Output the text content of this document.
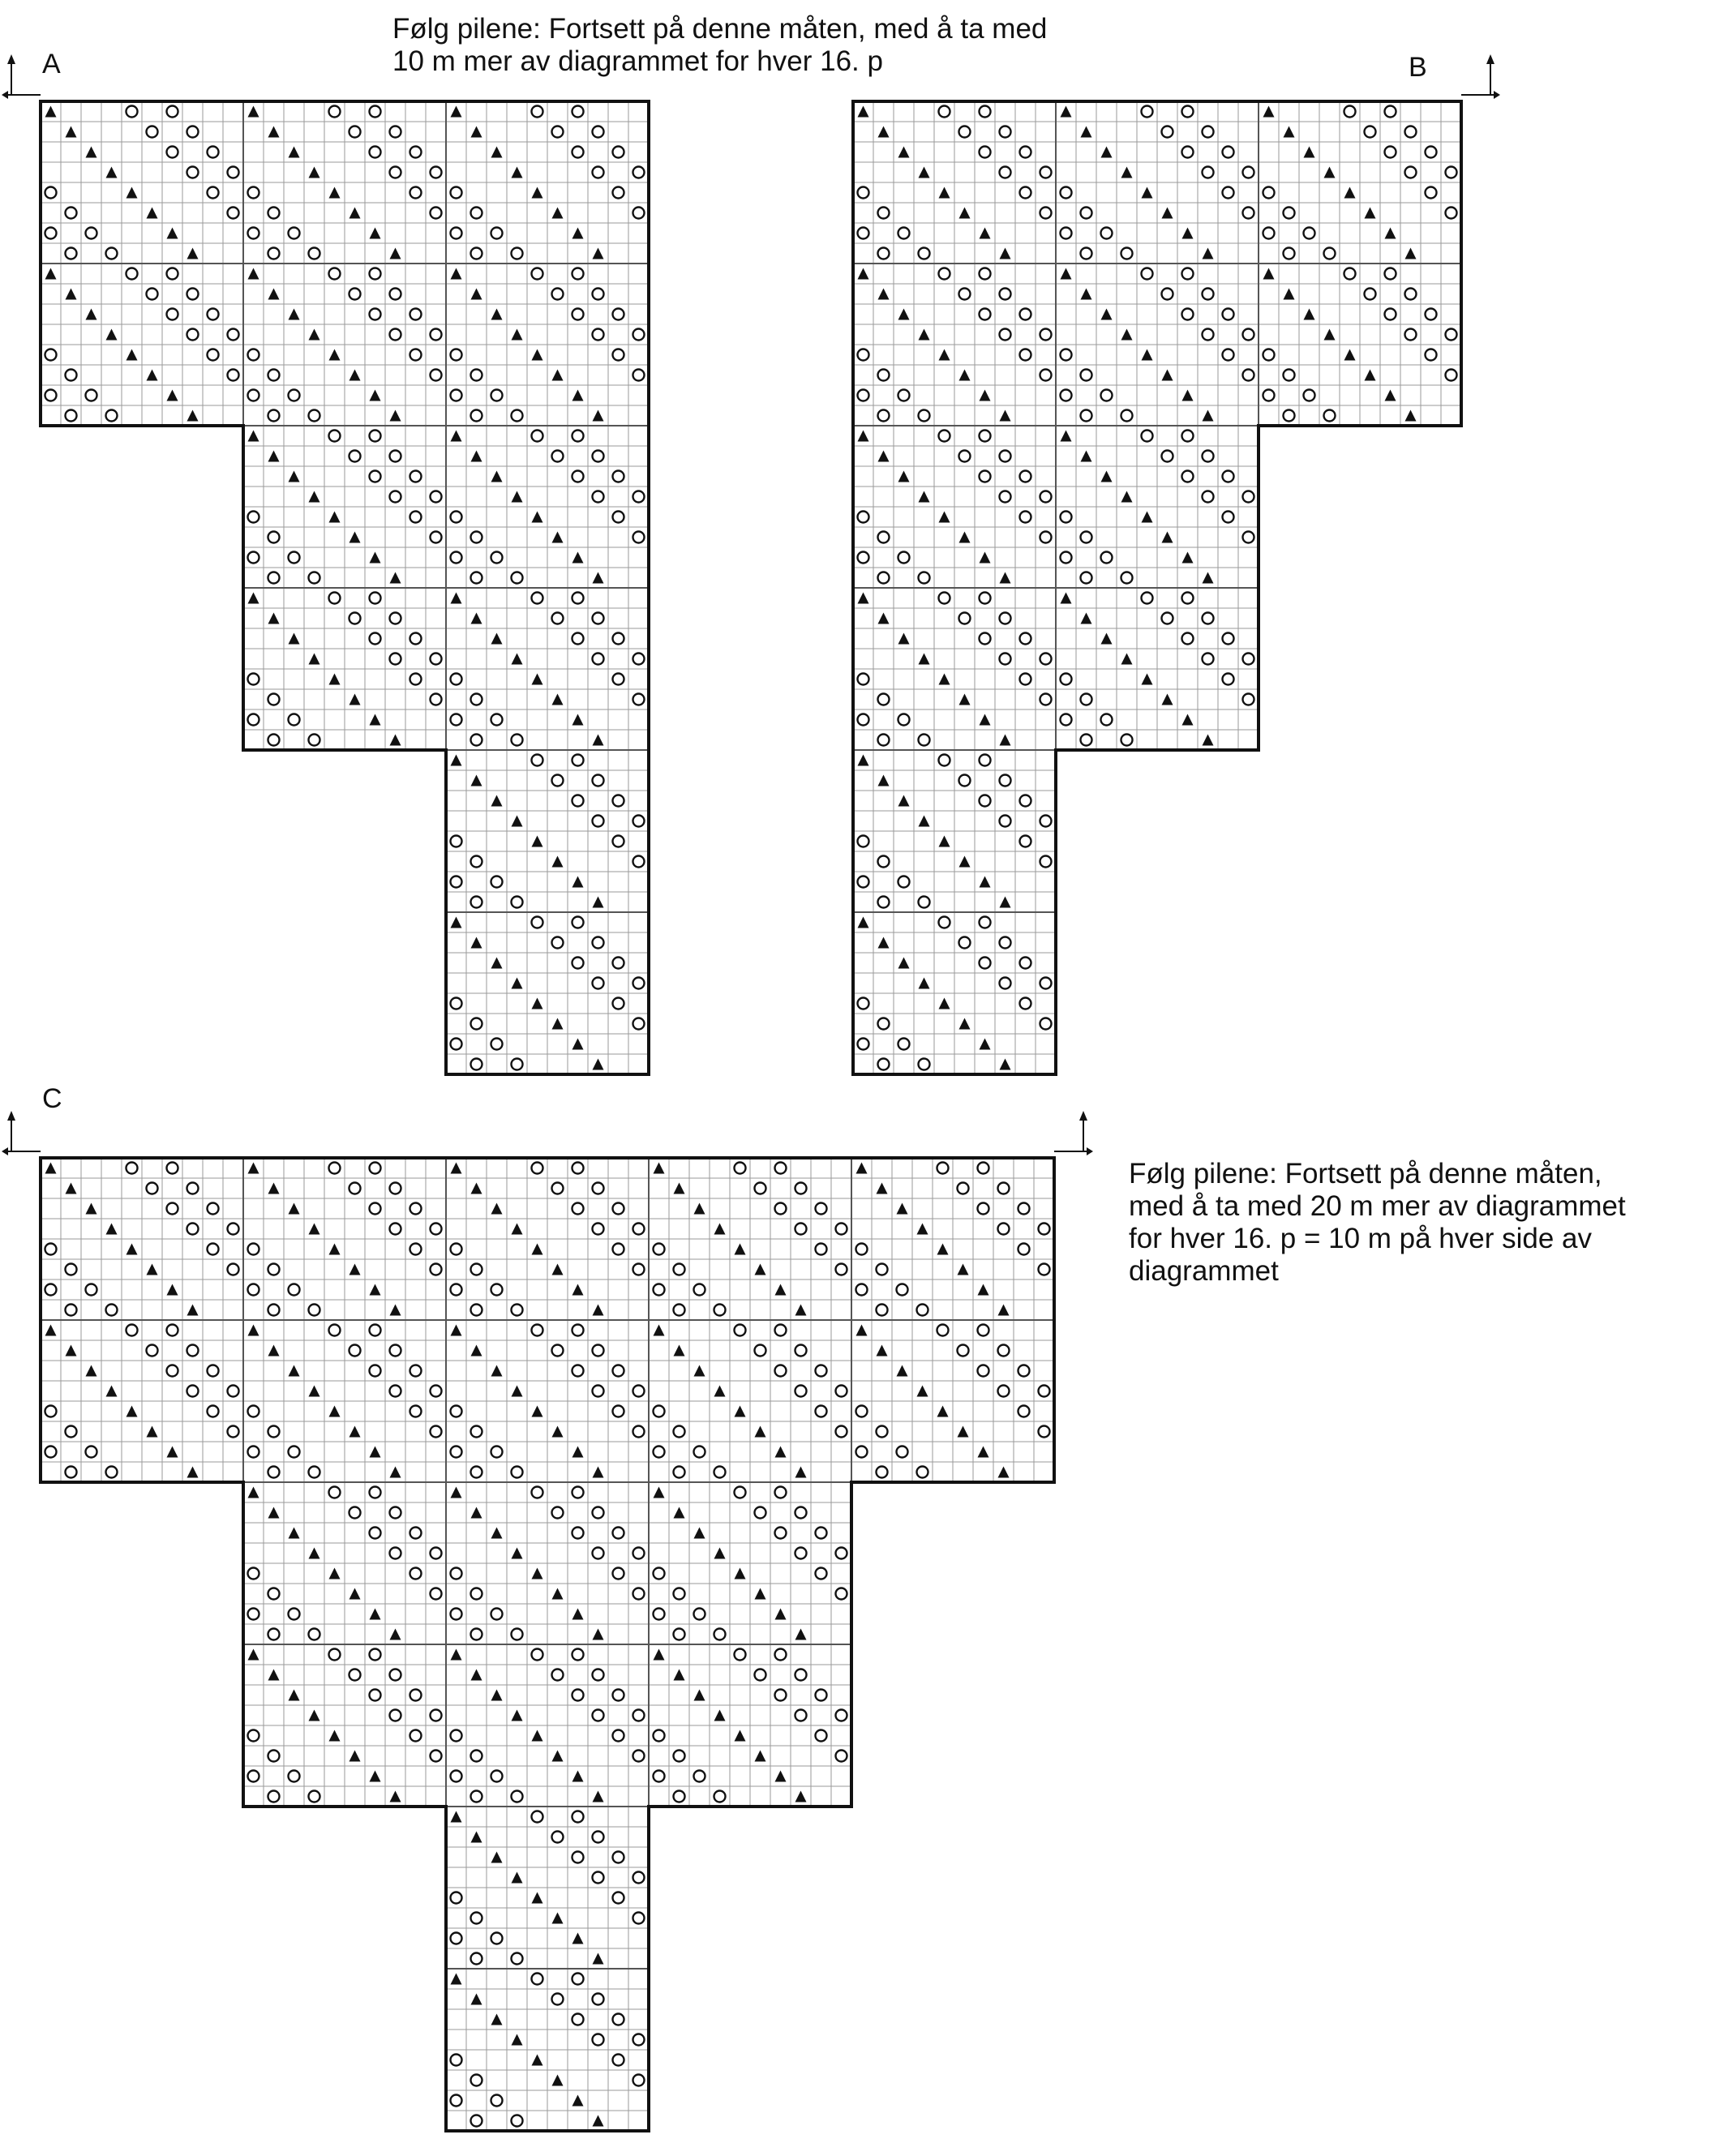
Følg pilene: Fortsett på denne måten, med å ta med
10 m mer av diagrammet for hver 16. p
Følg pilene: Fortsett på denne måten,
med å ta med 20 m mer av diagrammet
for hver 16. p = 10 m på hver side av
diagrammet
A	B
C
